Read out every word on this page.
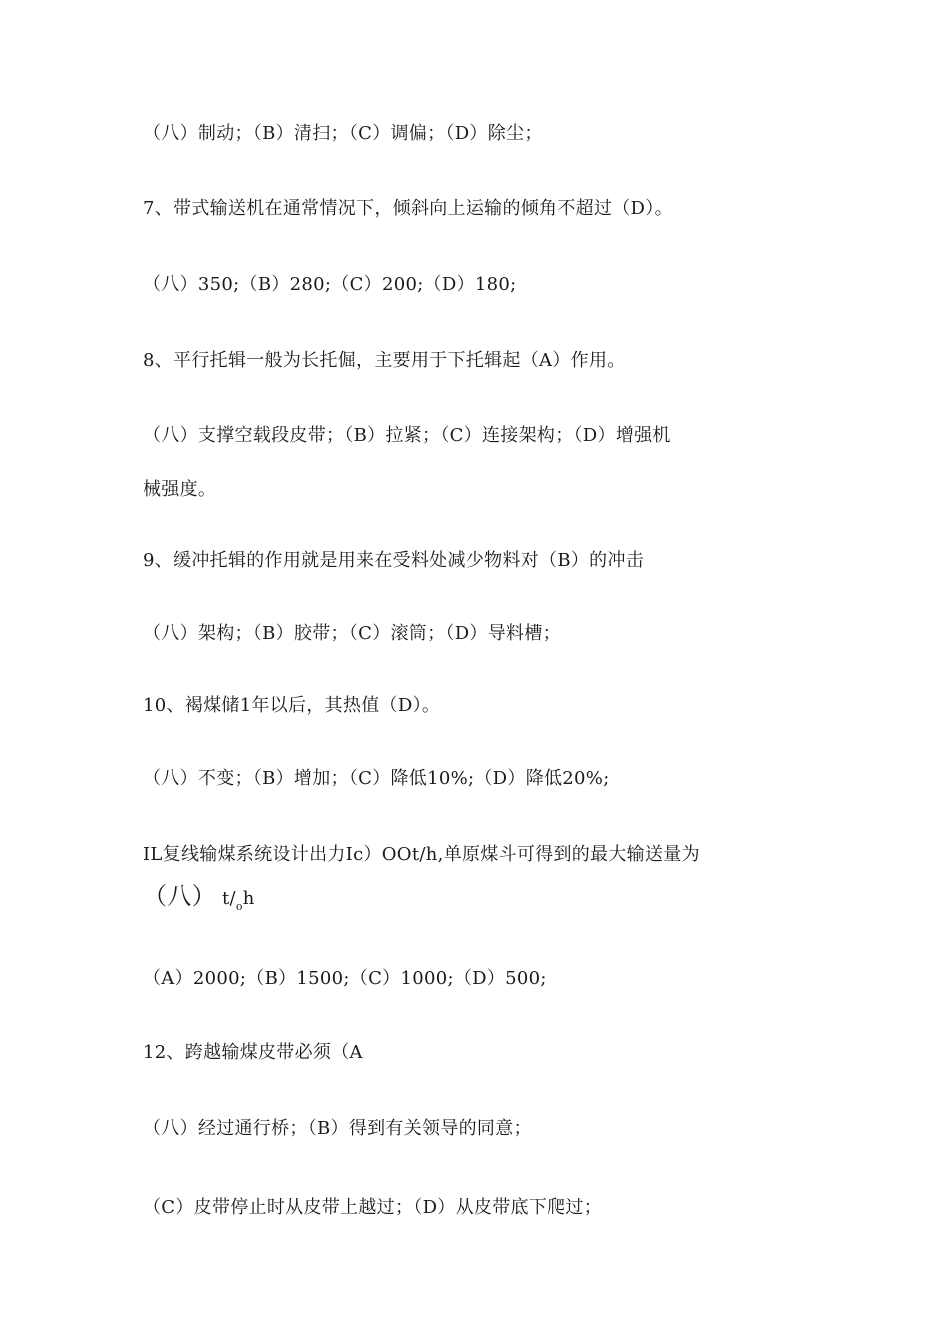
（八）制动；（B）清扫；（C）调偏；（D）除尘；

7、带式输送机在通常情况下，倾斜向上运输的倾角不超过（D）。

（八）350;（B）280;（C）200;（D）180;

8、平行托辑一般为长托倔，主要用于下托辑起（A）作用。

（八）支撑空载段皮带；（B）拉紧；（C）连接架构；（D）增强机

械强度。

9、缓冲托辑的作用就是用来在受料处减少物料对（B）的冲击

（八）架构；（B）胶带；（C）滚筒；（D）导料槽；

10、褐煤储1年以后，其热值（D）。

（八）不变；（B）增加；（C）降低10%;（D）降低20%;

IL复线输煤系统设计出力Ic）OOt/h,单原煤斗可得到的最大输送量为

（八） $t/_oh$

（A）2000;（B）1500;（C）1000;（D）500;

12、跨越输煤皮带必须（A

（八）经过通行桥；（B）得到有关领导的同意；

（C）皮带停止时从皮带上越过；（D）从皮带底下爬过；
